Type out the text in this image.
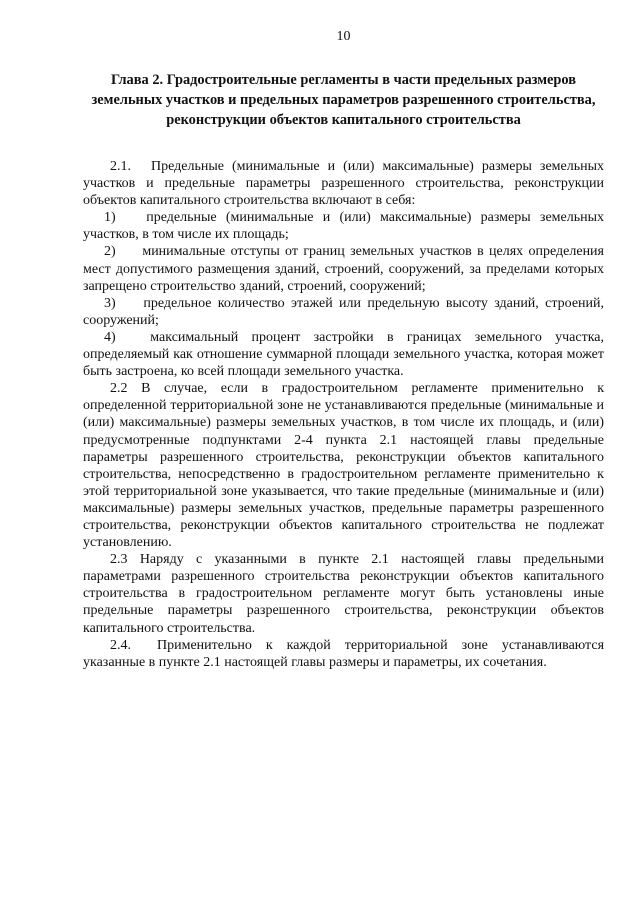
10
Глава 2. Градостроительные регламенты в части предельных размеров
земельных участков и предельных параметров разрешенного строительства,
реконструкции объектов капитального строительства

2.1. Предельные (минимальные и (или) максимальные) размеры земельных участков и предельные параметры разрешенного строительства, реконструкции объектов капитального строительства включают в себя:

1) предельные (минимальные и (или) максимальные) размеры земельных участков, в том числе их площадь;

2) минимальные отступы от границ земельных участков в целях определения мест допустимого размещения зданий, строений, сооружений, за пределами которых запрещено строительство зданий, строений, сооружений;

3) предельное количество этажей или предельную высоту зданий, строений, сооружений;

4) максимальный процент застройки в границах земельного участка, определяемый как отношение суммарной площади земельного участка, которая может быть застроена, ко всей площади земельного участка.

2.2 В случае, если в градостроительном регламенте применительно к определенной территориальной зоне не устанавливаются предельные (минимальные и (или) максимальные) размеры земельных участков, в том числе их площадь, и (или) предусмотренные подпунктами 2-4 пункта 2.1 настоящей главы предельные параметры разрешенного строительства, реконструкции объектов капитального строительства, непосредственно в градостроительном регламенте применительно к этой территориальной зоне указывается, что такие предельные (минимальные и (или) максимальные) размеры земельных участков, предельные параметры разрешенного строительства, реконструкции объектов капитального строительства не подлежат установлению.

2.3 Наряду с указанными в пункте 2.1 настоящей главы предельными параметрами разрешенного строительства реконструкции объектов капитального строительства в градостроительном регламенте могут быть установлены иные предельные параметры разрешенного строительства, реконструкции объектов капитального строительства.

2.4. Применительно к каждой территориальной зоне устанавливаются указанные в пункте 2.1 настоящей главы размеры и параметры, их сочетания.
